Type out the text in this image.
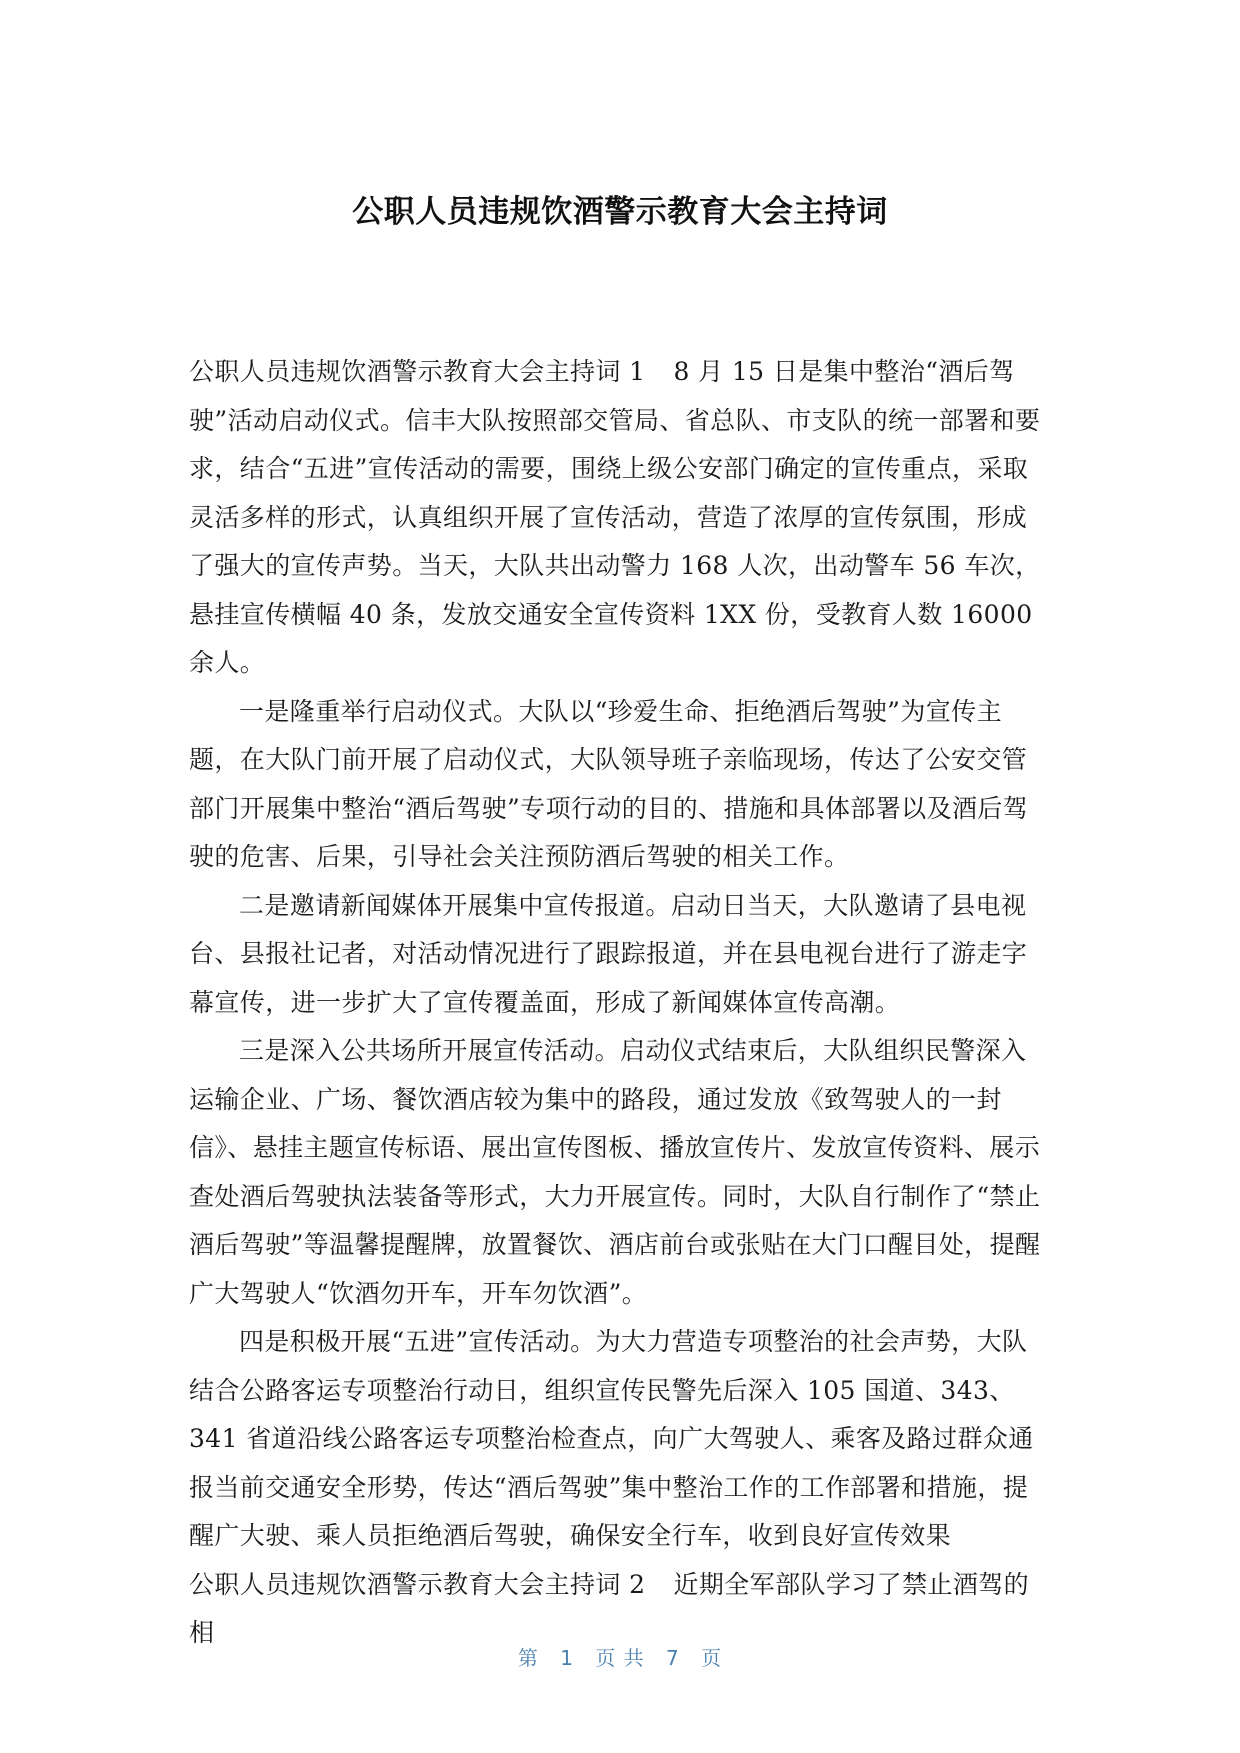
公职人员违规饮酒警示教育大会主持词

公职人员违规饮酒警示教育大会主持词 1 8 月 15 日是集中整治“酒后驾驶”活动启动仪式。信丰大队按照部交管局、省总队、市支队的统一部署和要求，结合“五进”宣传活动的需要，围绕上级公安部门确定的宣传重点，采取灵活多样的形式，认真组织开展了宣传活动，营造了浓厚的宣传氛围，形成了强大的宣传声势。当天，大队共出动警力 168 人次，出动警车 56 车次，悬挂宣传横幅 40 条，发放交通安全宣传资料 1XX 份，受教育人数 16000 余人。

一是隆重举行启动仪式。大队以“珍爱生命、拒绝酒后驾驶”为宣传主题，在大队门前开展了启动仪式，大队领导班子亲临现场，传达了公安交管部门开展集中整治“酒后驾驶”专项行动的目的、措施和具体部署以及酒后驾驶的危害、后果，引导社会关注预防酒后驾驶的相关工作。

二是邀请新闻媒体开展集中宣传报道。启动日当天，大队邀请了县电视台、县报社记者，对活动情况进行了跟踪报道，并在县电视台进行了游走字幕宣传，进一步扩大了宣传覆盖面，形成了新闻媒体宣传高潮。

三是深入公共场所开展宣传活动。启动仪式结束后，大队组织民警深入运输企业、广场、餐饮酒店较为集中的路段，通过发放《致驾驶人的一封信》、悬挂主题宣传标语、展出宣传图板、播放宣传片、发放宣传资料、展示查处酒后驾驶执法装备等形式，大力开展宣传。同时，大队自行制作了“禁止酒后驾驶”等温馨提醒牌，放置餐饮、酒店前台或张贴在大门口醒目处，提醒广大驾驶人“饮酒勿开车，开车勿饮酒”。

四是积极开展“五进”宣传活动。为大力营造专项整治的社会声势，大队结合公路客运专项整治行动日，组织宣传民警先后深入 105 国道、343、341 省道沿线公路客运专项整治检查点，向广大驾驶人、乘客及路过群众通报当前交通安全形势，传达“酒后驾驶”集中整治工作的工作部署和措施，提醒广大驶、乘人员拒绝酒后驾驶，确保安全行车，收到良好宣传效果

公职人员违规饮酒警示教育大会主持词 2 近期全军部队学习了禁止酒驾的相

第 1 页 共 7 页
